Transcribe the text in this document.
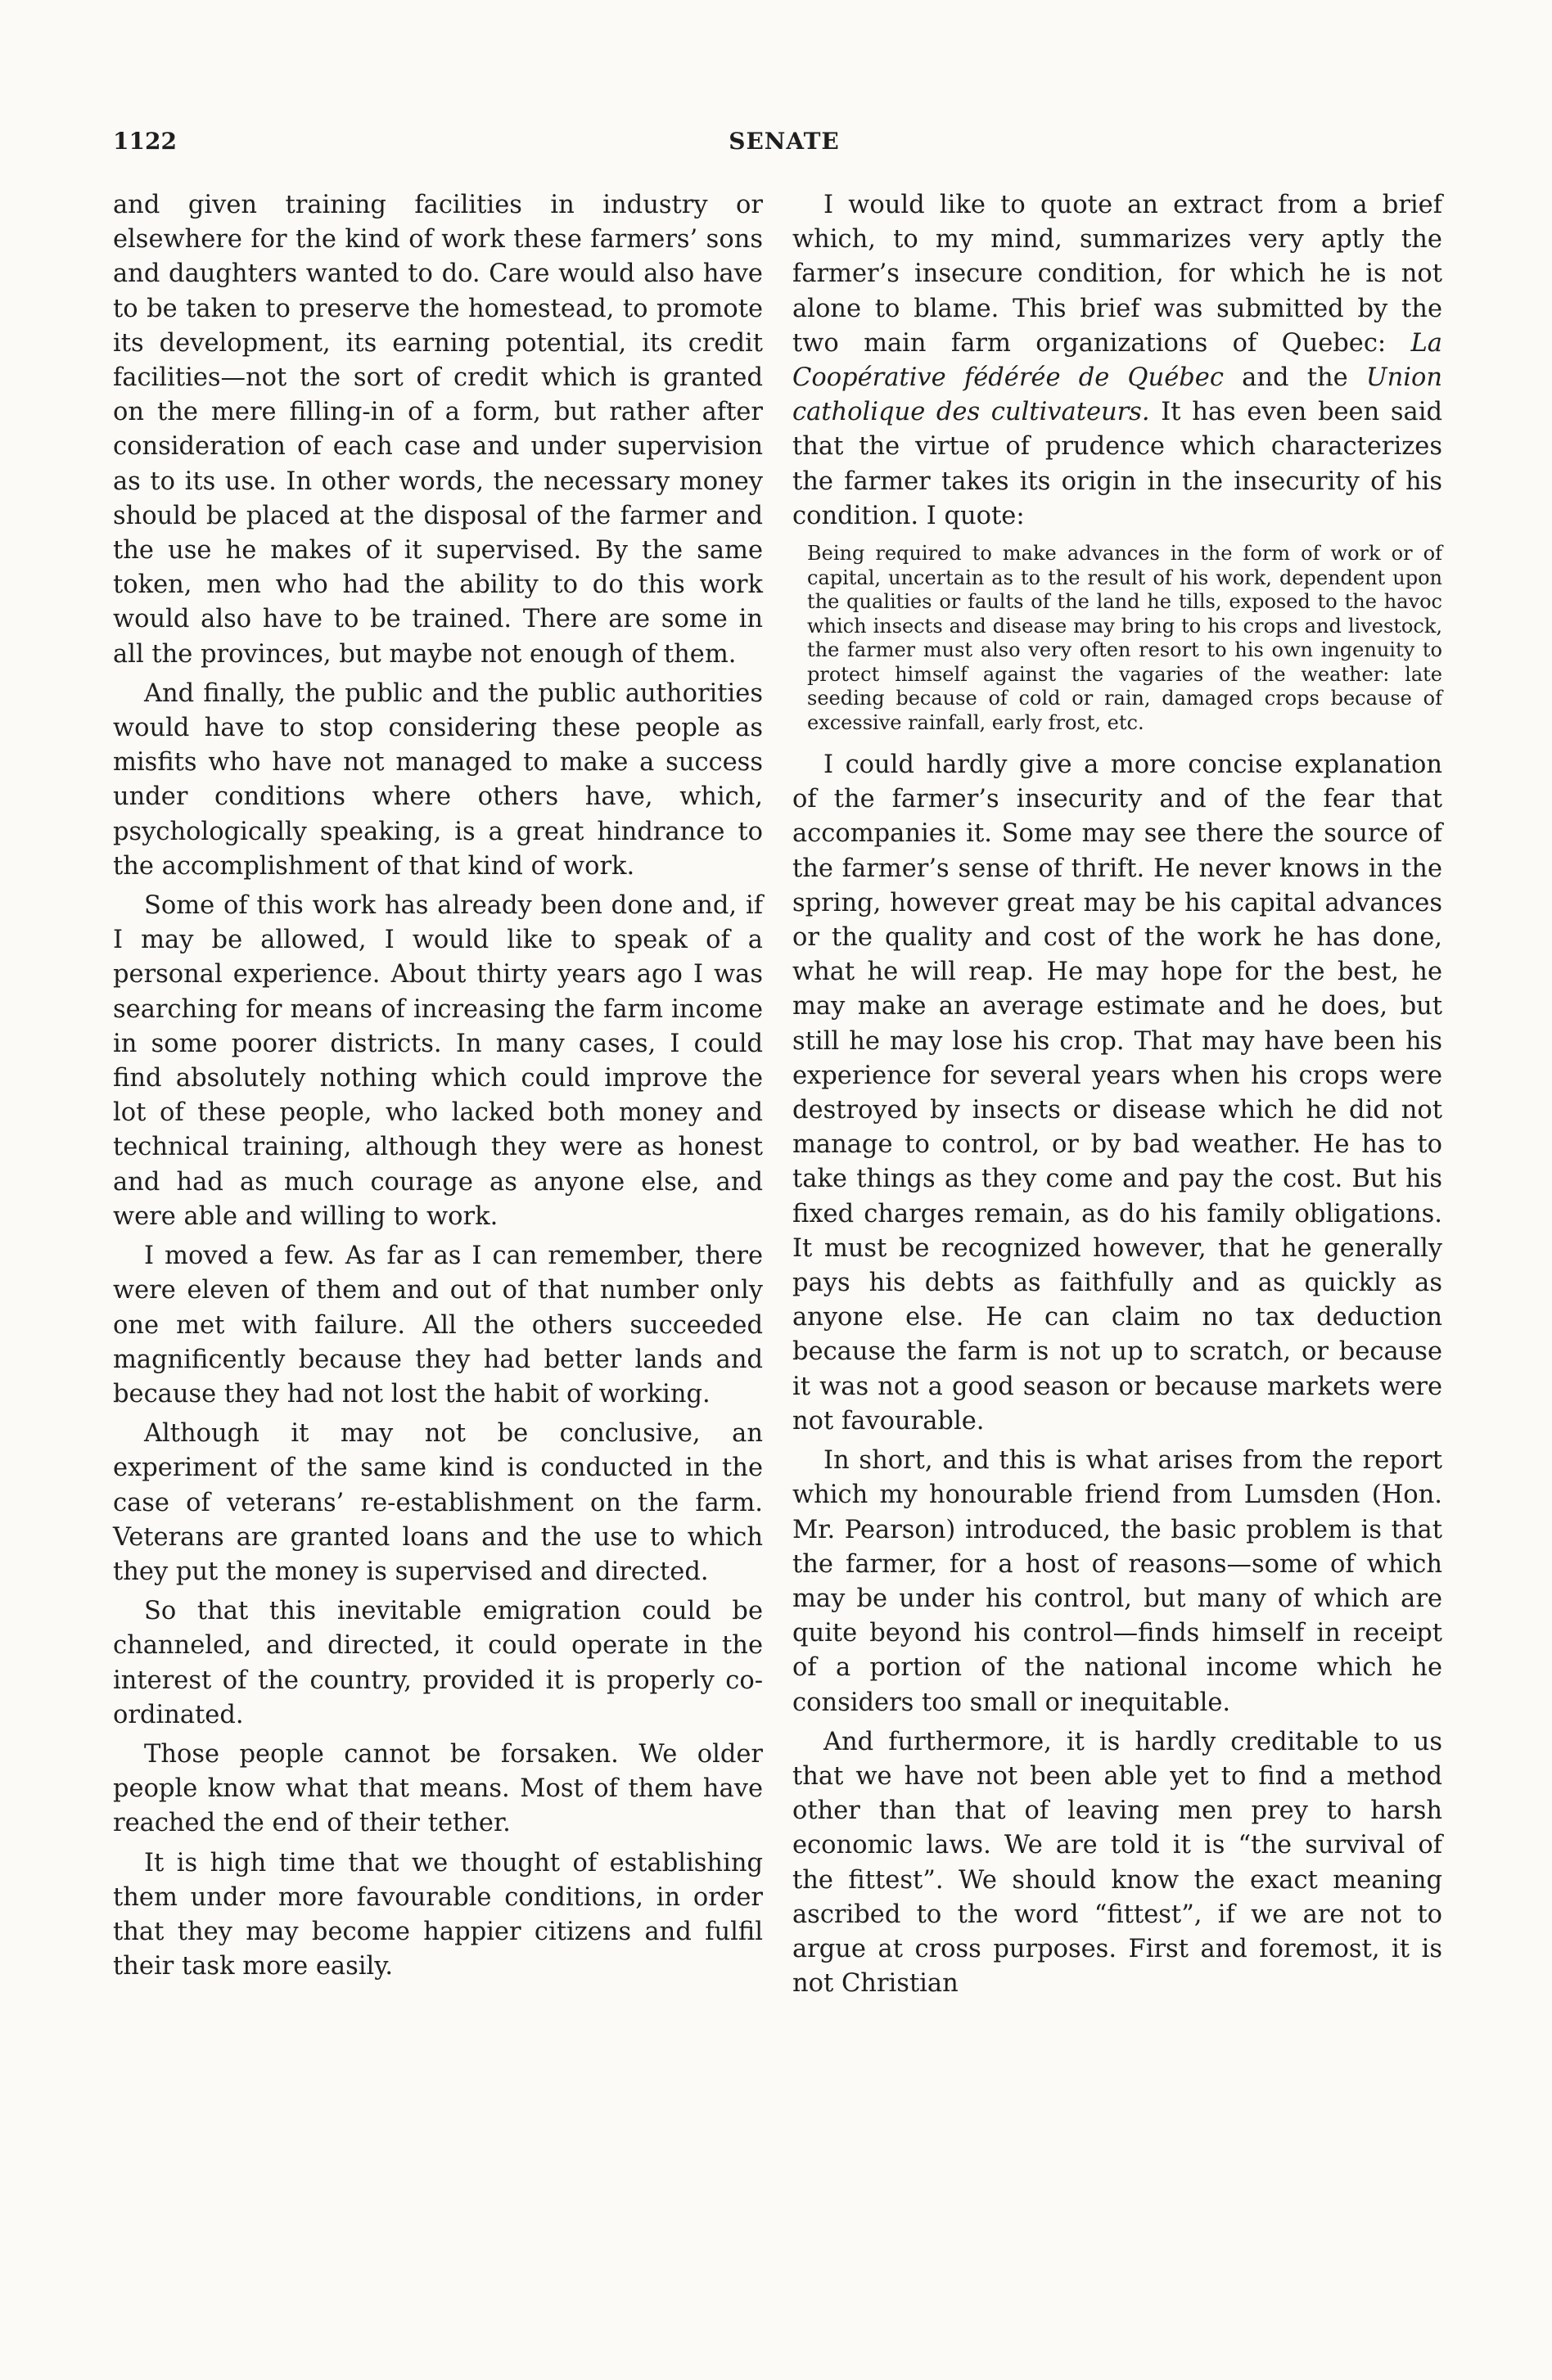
1122	SENATE

and given training facilities in industry or elsewhere for the kind of work these farmers’ sons and daughters wanted to do. Care would also have to be taken to preserve the homestead, to promote its development, its earning potential, its credit facilities—not the sort of credit which is granted on the mere filling-in of a form, but rather after consideration of each case and under supervision as to its use. In other words, the necessary money should be placed at the disposal of the farmer and the use he makes of it supervised. By the same token, men who had the ability to do this work would also have to be trained. There are some in all the provinces, but maybe not enough of them.

And finally, the public and the public authorities would have to stop considering these people as misfits who have not managed to make a success under conditions where others have, which, psychologically speaking, is a great hindrance to the accomplishment of that kind of work.

Some of this work has already been done and, if I may be allowed, I would like to speak of a personal experience. About thirty years ago I was searching for means of increasing the farm income in some poorer districts. In many cases, I could find absolutely nothing which could improve the lot of these people, who lacked both money and technical training, although they were as honest and had as much courage as anyone else, and were able and willing to work.

I moved a few. As far as I can remember, there were eleven of them and out of that number only one met with failure. All the others succeeded magnificently because they had better lands and because they had not lost the habit of working.

Although it may not be conclusive, an experiment of the same kind is conducted in the case of veterans’ re-establishment on the farm. Veterans are granted loans and the use to which they put the money is supervised and directed.

So that this inevitable emigration could be channeled, and directed, it could operate in the interest of the country, provided it is properly co-ordinated.

Those people cannot be forsaken. We older people know what that means. Most of them have reached the end of their tether.

It is high time that we thought of establishing them under more favourable conditions, in order that they may become happier citizens and fulfil their task more easily.

I would like to quote an extract from a brief which, to my mind, summarizes very aptly the farmer’s insecure condition, for which he is not alone to blame. This brief was submitted by the two main farm organizations of Quebec: La Coopérative fédérée de Québec and the Union catholique des cultivateurs. It has even been said that the virtue of prudence which characterizes the farmer takes its origin in the insecurity of his condition. I quote:

Being required to make advances in the form of work or of capital, uncertain as to the result of his work, dependent upon the qualities or faults of the land he tills, exposed to the havoc which insects and disease may bring to his crops and livestock, the farmer must also very often resort to his own ingenuity to protect himself against the vagaries of the weather: late seeding because of cold or rain, damaged crops because of excessive rainfall, early frost, etc.

I could hardly give a more concise explanation of the farmer’s insecurity and of the fear that accompanies it. Some may see there the source of the farmer’s sense of thrift. He never knows in the spring, however great may be his capital advances or the quality and cost of the work he has done, what he will reap. He may hope for the best, he may make an average estimate and he does, but still he may lose his crop. That may have been his experience for several years when his crops were destroyed by insects or disease which he did not manage to control, or by bad weather. He has to take things as they come and pay the cost. But his fixed charges remain, as do his family obligations. It must be recognized however, that he generally pays his debts as faithfully and as quickly as anyone else. He can claim no tax deduction because the farm is not up to scratch, or because it was not a good season or because markets were not favourable.

In short, and this is what arises from the report which my honourable friend from Lumsden (Hon. Mr. Pearson) introduced, the basic problem is that the farmer, for a host of reasons—some of which may be under his control, but many of which are quite beyond his control—finds himself in receipt of a portion of the national income which he considers too small or inequitable.

And furthermore, it is hardly creditable to us that we have not been able yet to find a method other than that of leaving men prey to harsh economic laws. We are told it is “the survival of the fittest”. We should know the exact meaning ascribed to the word “fittest”, if we are not to argue at cross purposes. First and foremost, it is not Christian
